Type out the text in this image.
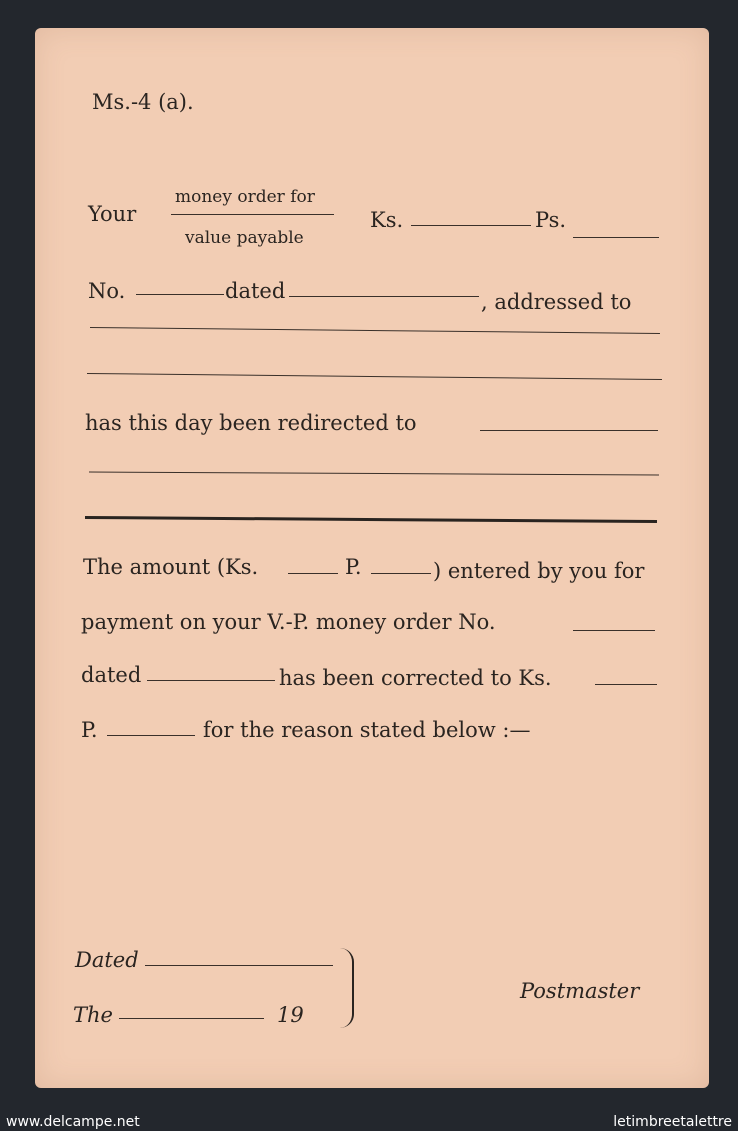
Ms.-4 (a).
Your
money order for
value payable
Ks.	Ps.
No.	dated	, addressed to
has this day been redirected to
The amount (Ks.	P.	) entered by you for
payment on your V.-P. money order No.
dated	has been corrected to Ks.
P.	for the reason stated below :—
Dated
The	19
Postmaster
www.delcampe.net	letimbreetalettre
